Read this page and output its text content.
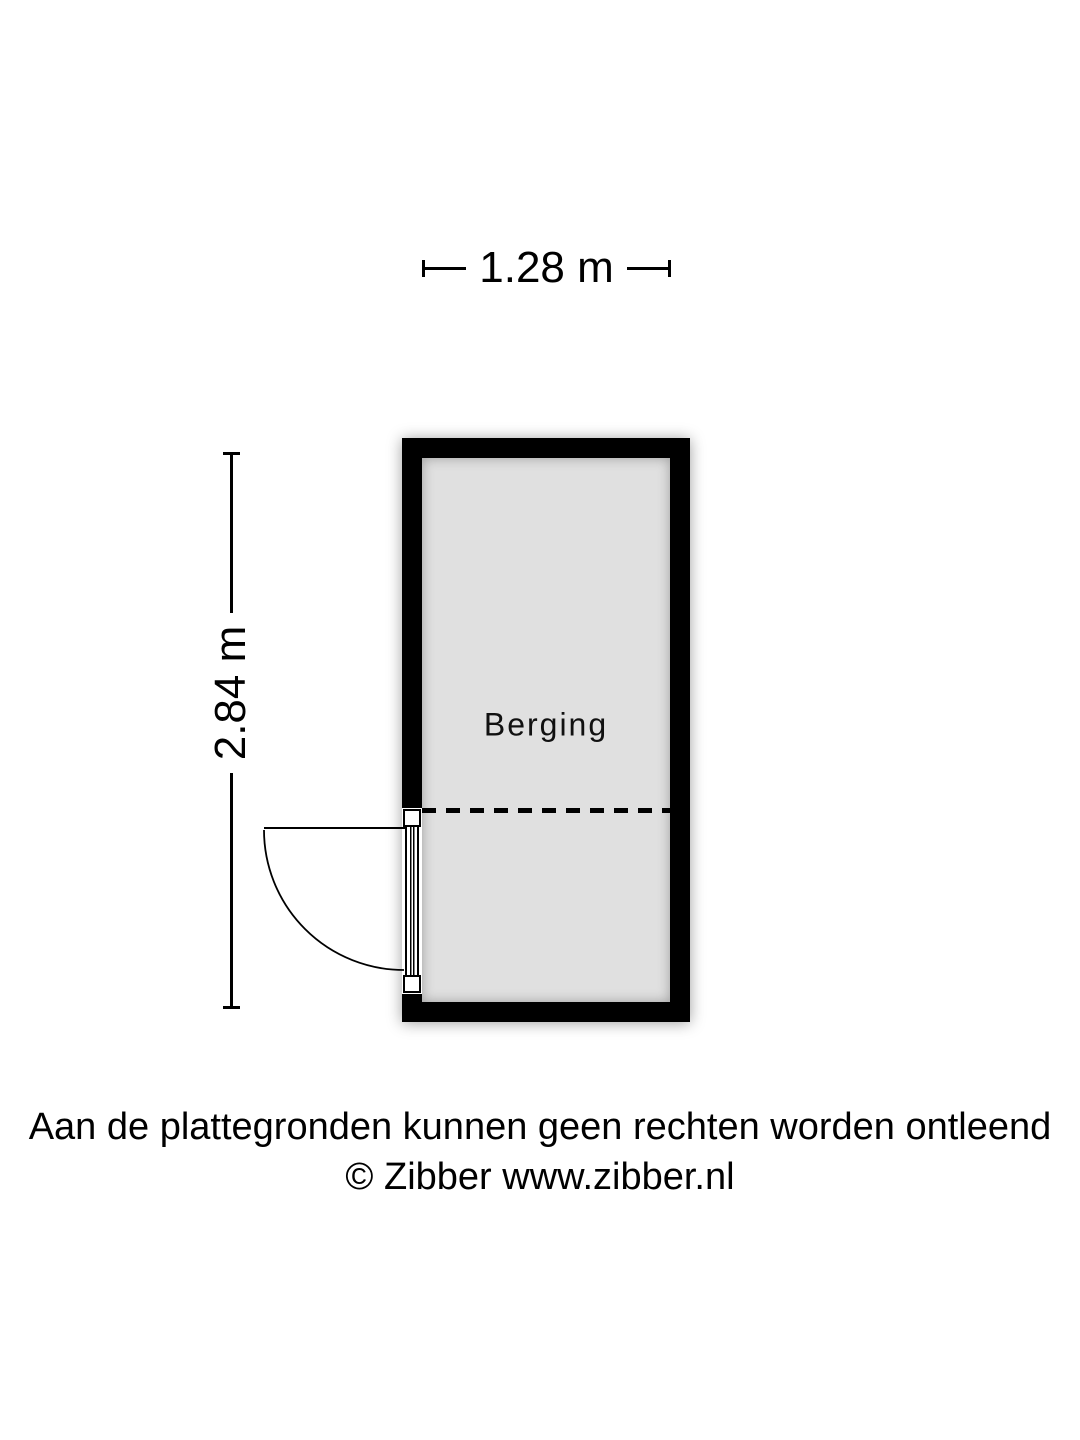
1.28 m
2.84 m	Berging
Aan de plattegronden kunnen geen rechten worden ontleend
© Zibber www.zibber.nl
